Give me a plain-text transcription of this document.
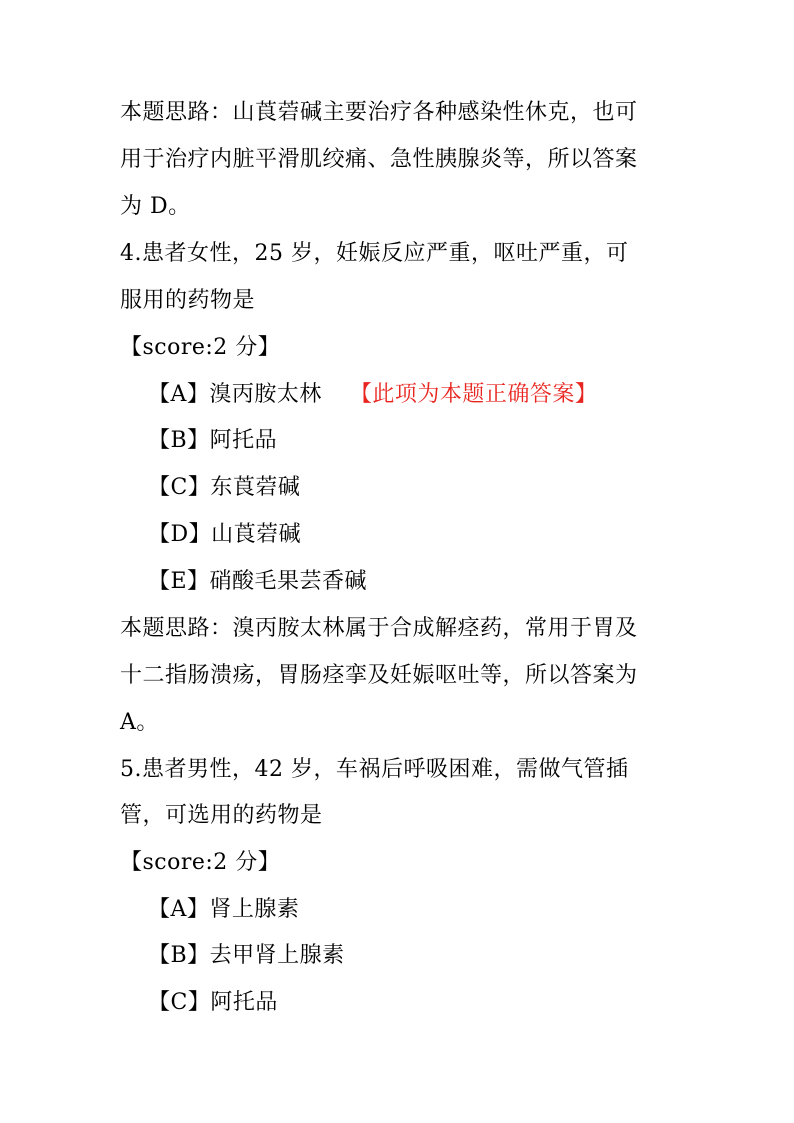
本题思路：山莨菪碱主要治疗各种感染性休克，也可
用于治疗内脏平滑肌绞痛、急性胰腺炎等，所以答案
为 D。
4.患者女性，25 岁，妊娠反应严重，呕吐严重，可
服用的药物是
【score:2 分】
【A】溴丙胺太林 【此项为本题正确答案】
【B】阿托品
【C】东莨菪碱
【D】山莨菪碱
【E】硝酸毛果芸香碱
本题思路：溴丙胺太林属于合成解痉药，常用于胃及
十二指肠溃疡，胃肠痉挛及妊娠呕吐等，所以答案为
A。
5.患者男性，42 岁，车祸后呼吸困难，需做气管插
管，可选用的药物是
【score:2 分】
【A】肾上腺素
【B】去甲肾上腺素
【C】阿托品
